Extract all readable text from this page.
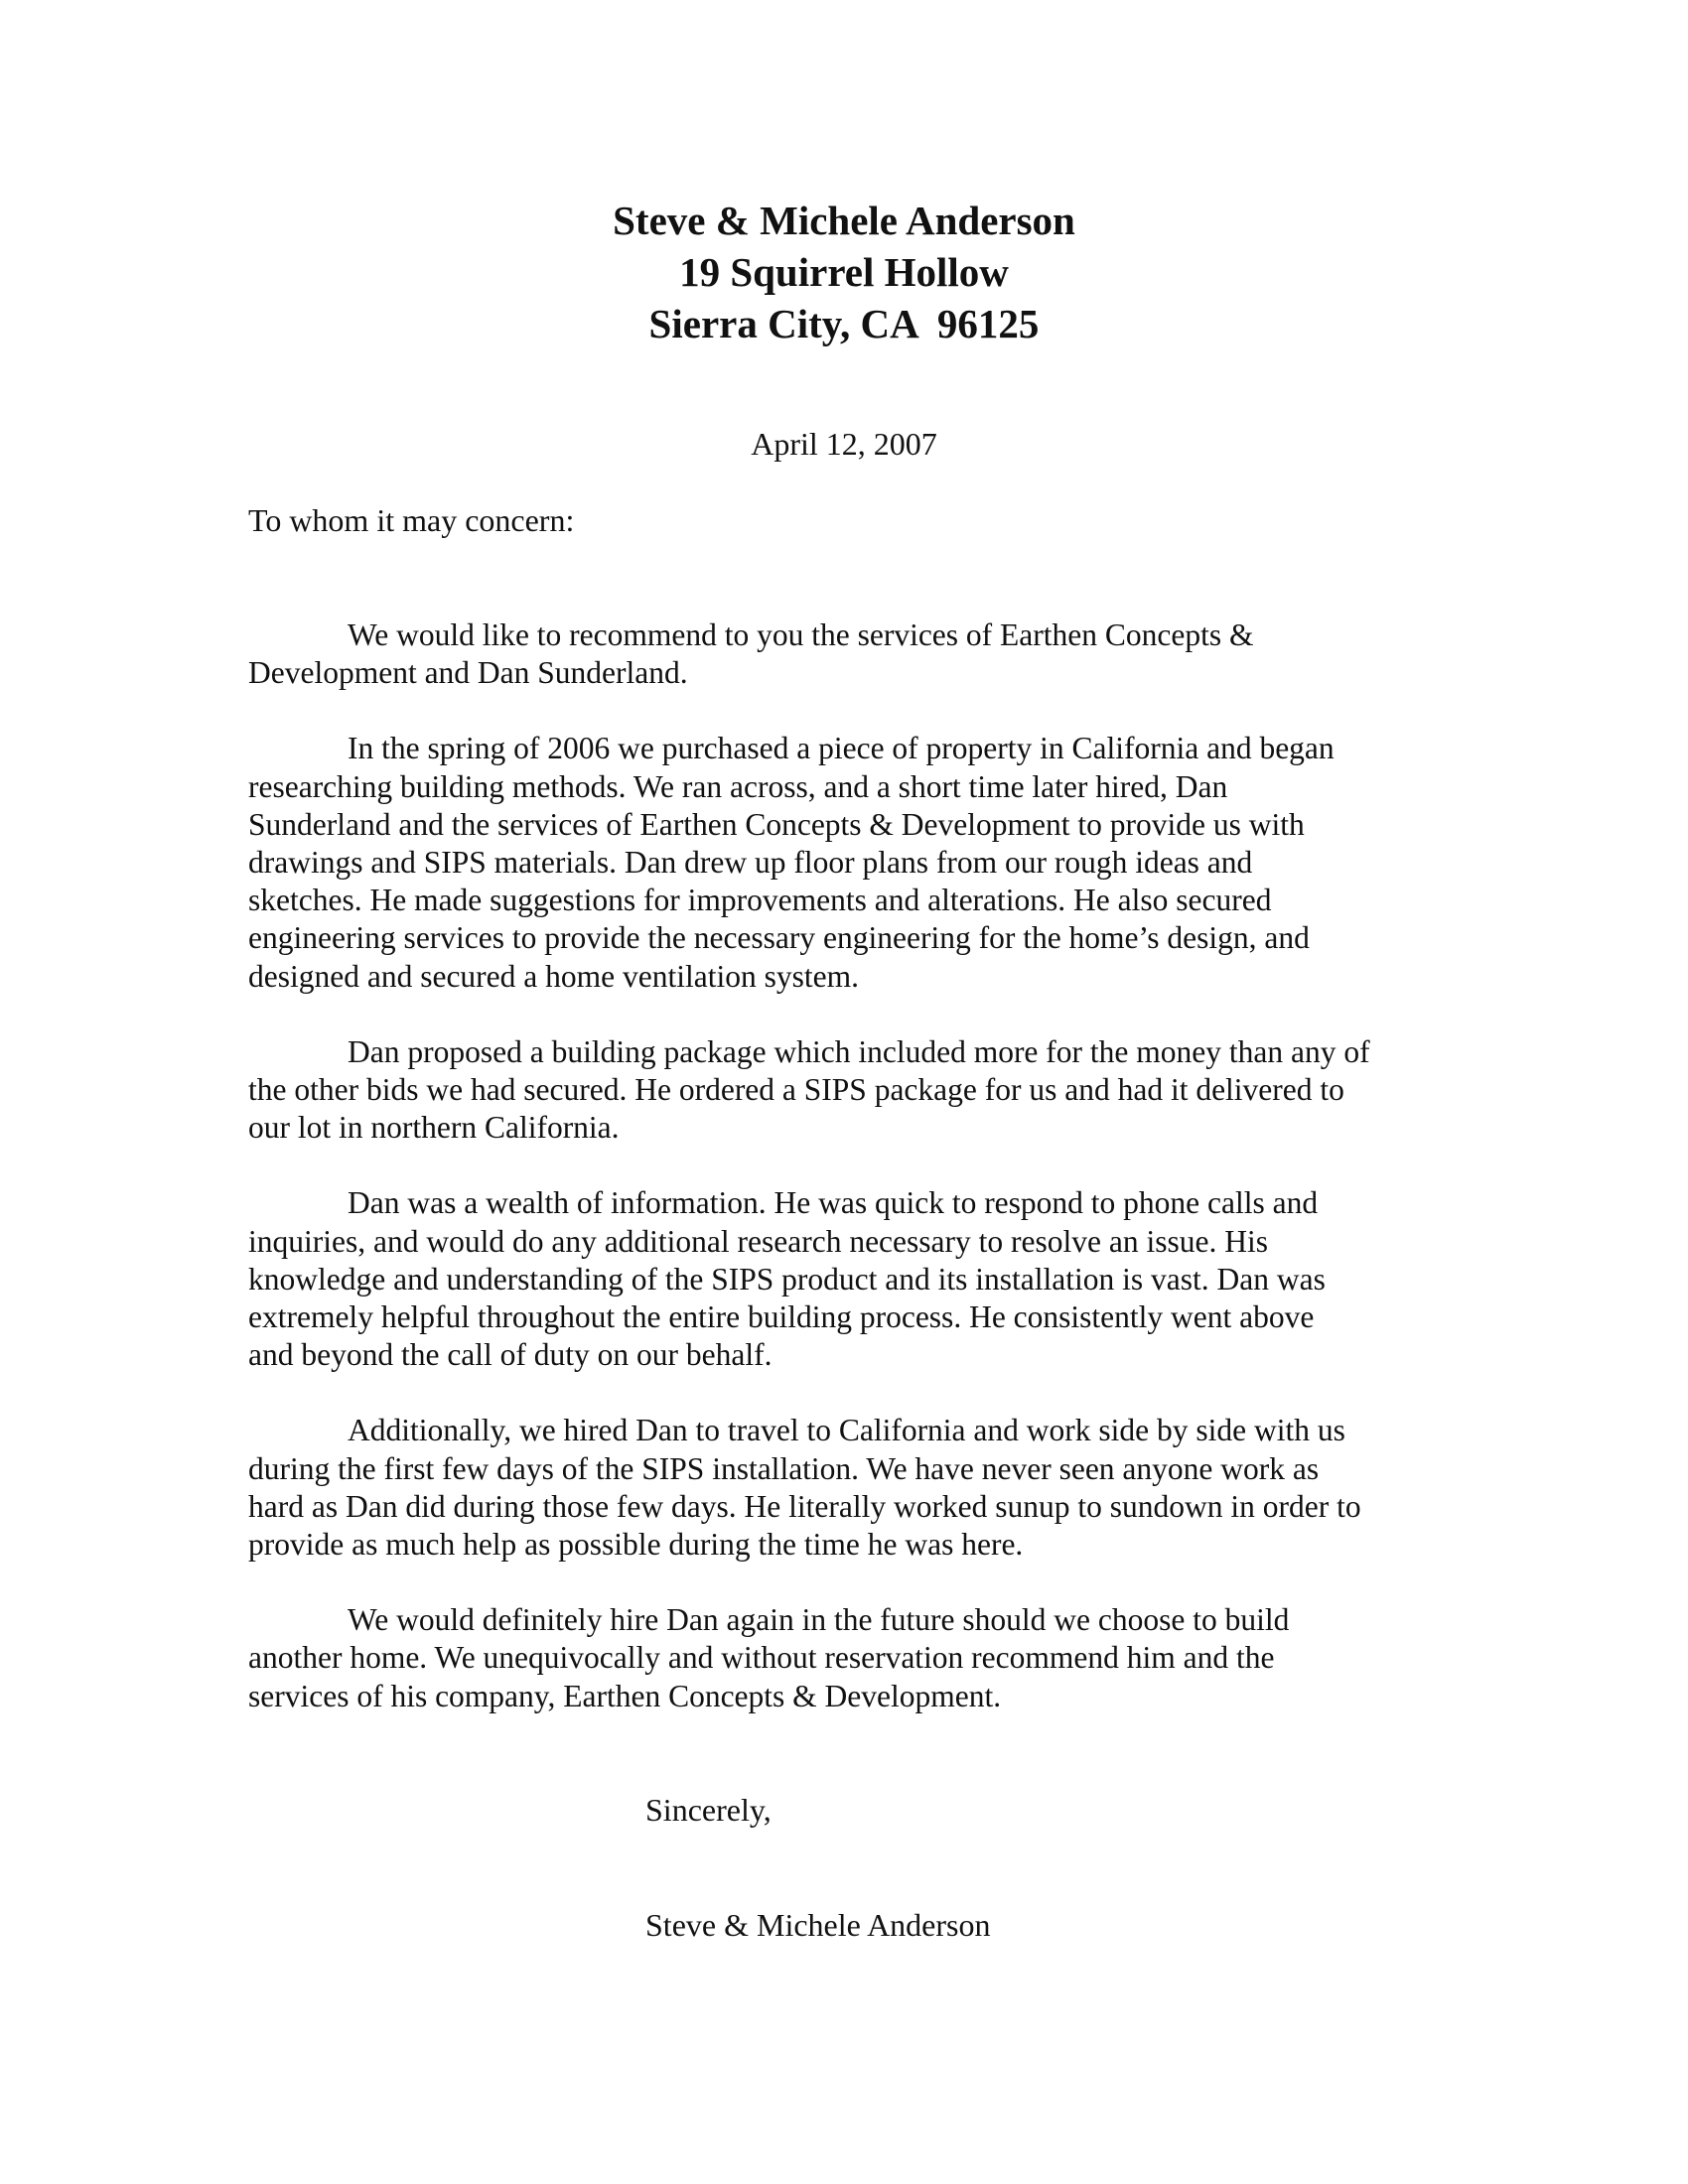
Steve & Michele Anderson
19 Squirrel Hollow
Sierra City, CA  96125
April 12, 2007
To whom it may concern:

We would like to recommend to you the services of Earthen Concepts &
Development and Dan Sunderland.

In the spring of 2006 we purchased a piece of property in California and began
researching building methods. We ran across, and a short time later hired, Dan
Sunderland and the services of Earthen Concepts & Development to provide us with
drawings and SIPS materials. Dan drew up floor plans from our rough ideas and
sketches. He made suggestions for improvements and alterations. He also secured
engineering services to provide the necessary engineering for the home’s design, and
designed and secured a home ventilation system.

Dan proposed a building package which included more for the money than any of
the other bids we had secured. He ordered a SIPS package for us and had it delivered to
our lot in northern California.

Dan was a wealth of information. He was quick to respond to phone calls and
inquiries, and would do any additional research necessary to resolve an issue. His
knowledge and understanding of the SIPS product and its installation is vast. Dan was
extremely helpful throughout the entire building process. He consistently went above
and beyond the call of duty on our behalf.

Additionally, we hired Dan to travel to California and work side by side with us
during the first few days of the SIPS installation. We have never seen anyone work as
hard as Dan did during those few days. He literally worked sunup to sundown in order to
provide as much help as possible during the time he was here.

We would definitely hire Dan again in the future should we choose to build
another home. We unequivocally and without reservation recommend him and the
services of his company, Earthen Concepts & Development.

Sincerely,
Steve & Michele Anderson
